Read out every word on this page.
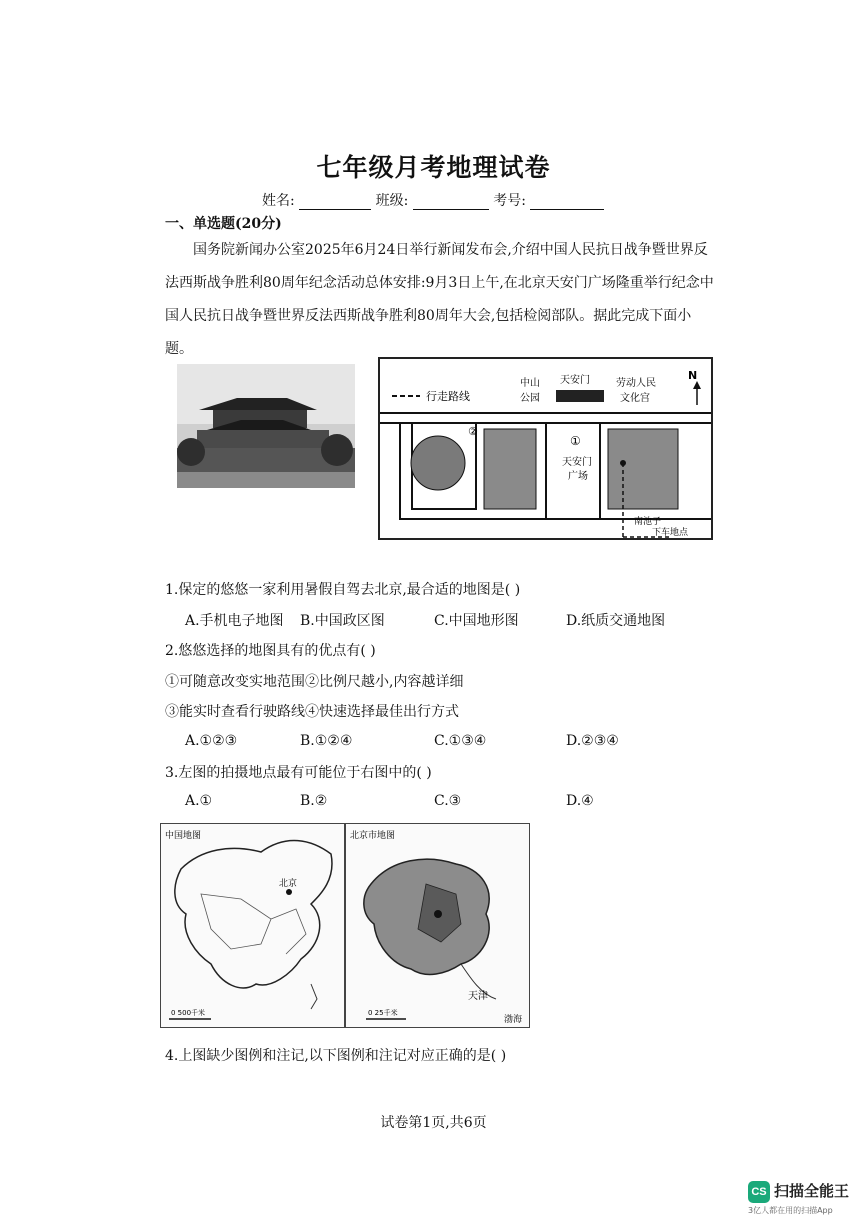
七年级月考地理试卷
姓名:	班级:	考号:
一、单选题(20分)
国务院新闻办公室2025年6月24日举行新闻发布会,介绍中国人民抗日战争暨世界反法西斯战争胜利80周年纪念活动总体安排:9月3日上午,在北京天安门广场隆重举行纪念中国人民抗日战争暨世界反法西斯战争胜利80周年大会,包括检阅部队。据此完成下面小题。
行走路线
中山
公园
天安门	劳动人民
文化宫
N
①
②
天安门
广场
南池子
下车地点
1.保定的悠悠一家利用暑假自驾去北京,最合适的地图是( )
A.手机电子地图 B.中国政区图	C.中国地形图	D.纸质交通地图
2.悠悠选择的地图具有的优点有( )
①可随意改变实地范围②比例尺越小,内容越详细
③能实时查看行驶路线④快速选择最佳出行方式
A.①②③	B.①②④	C.①③④	D.②③④
3.左图的拍摄地点最有可能位于右图中的( )
A.①	B.②	C.③	D.④
中国地图
北京
0 500千米
北京市地图
天津
渤海
0 25千米
4.上图缺少图例和注记,以下图例和注记对应正确的是( )
试卷第1页,共6页
CS 扫描全能王
3亿人都在用的扫描App
